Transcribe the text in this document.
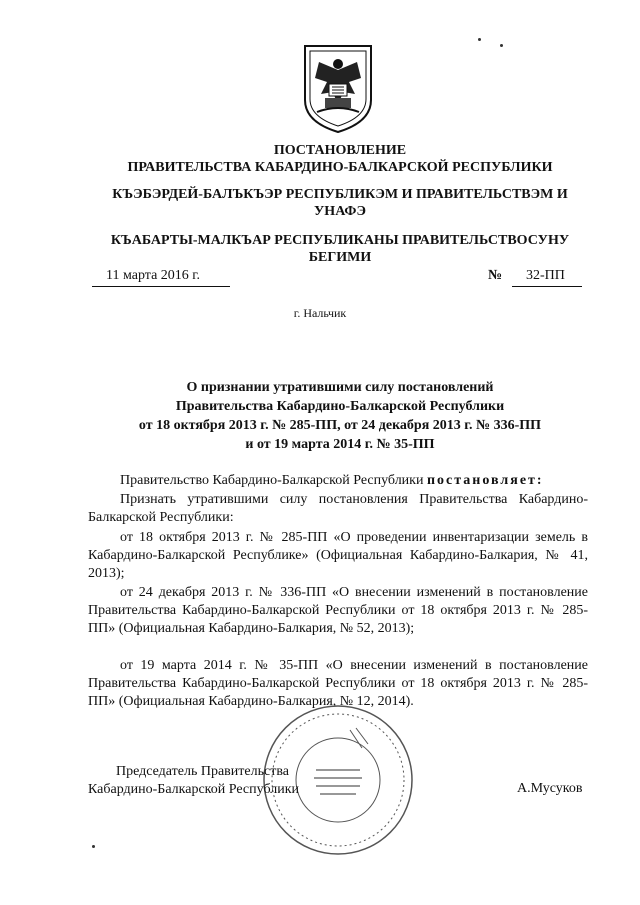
ПОСТАНОВЛЕНИЕ
ПРАВИТЕЛЬСТВА КАБАРДИНО-БАЛКАРСКОЙ РЕСПУБЛИКИ
КЪЭБЭРДЕЙ-БАЛЪКЪЭР РЕСПУБЛИКЭМ И ПРАВИТЕЛЬСТВЭМ И
УНАФЭ
КЪАБАРТЫ-МАЛКЪАР РЕСПУБЛИКАНЫ ПРАВИТЕЛЬСТВОСУНУ
БЕГИМИ
11 марта 2016 г.	№ 32-ПП
г. Нальчик
О признании утратившими силу постановлений
Правительства Кабардино-Балкарской Республики
от 18 октября 2013 г. № 285-ПП, от 24 декабря 2013 г. № 336-ПП
и от 19 марта 2014 г. № 35-ПП
Правительство Кабардино-Балкарской Республики постановляет:
Признать утратившими силу постановления Правительства Кабардино-Балкарской Республики:
от 18 октября 2013 г. № 285-ПП «О проведении инвентаризации земель в Кабардино-Балкарской Республике» (Официальная Кабардино-Балкария, № 41, 2013);
от 24 декабря 2013 г. № 336-ПП «О внесении изменений в постановление Правительства Кабардино-Балкарской Республики от 18 октября 2013 г. № 285-ПП» (Официальная Кабардино-Балкария, № 52, 2013);
от 19 марта 2014 г. № 35-ПП «О внесении изменений в постановление Правительства Кабардино-Балкарской Республики от 18 октября 2013 г. № 285-ПП» (Официальная Кабардино-Балкария, № 12, 2014).
Председатель Правительства
Кабардино-Балкарской Республики	А.Мусуков
